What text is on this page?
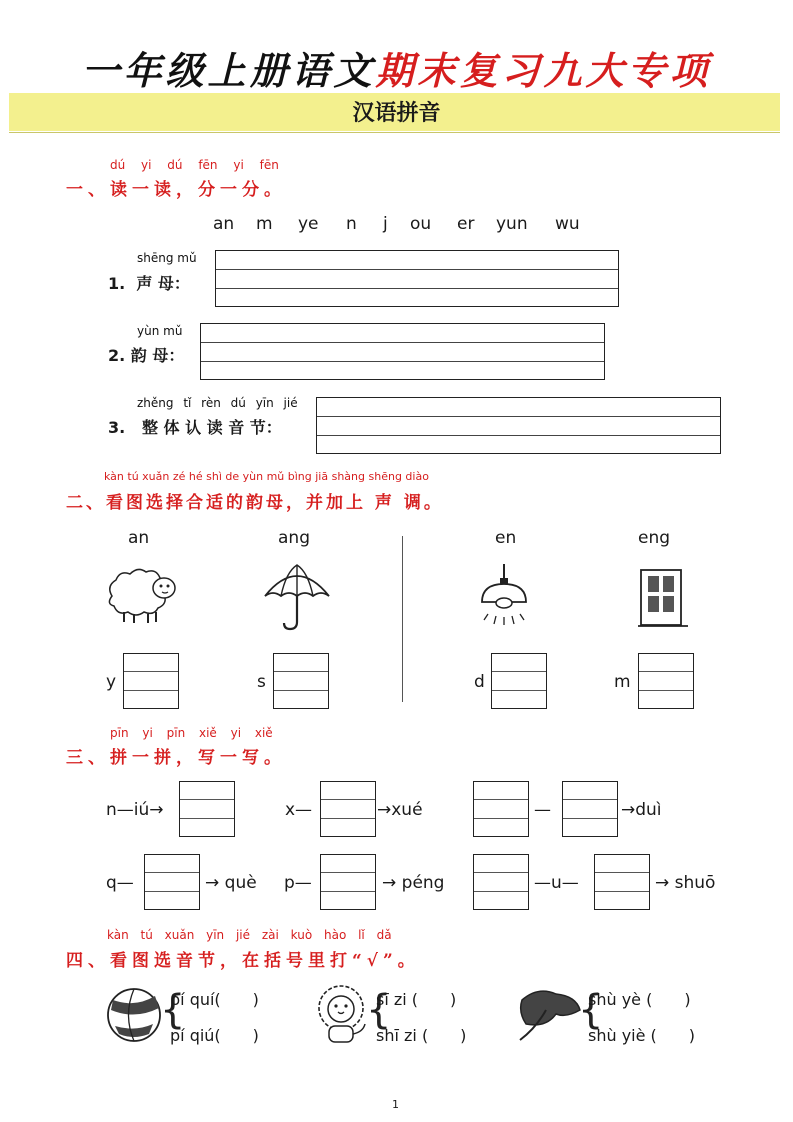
一年级上册语文期末复习九大专项
汉语拼音
dú yi dú fēn yi fēn
一、读一读，分一分。
an m ye n j ou er yun wu
shēng mǔ
1. 声 母：
yùn mǔ
2. 韵 母：
zhěng tǐ rèn dú yīn jié
3. 整 体 认 读 音 节：
kàn tú xuǎn zé hé shì de yùn mǔ bìng jiā shàng shēng diào
二、看图选择合适的韵母，并加上 声 调。
an	ang	en	eng
y	s	d	m
pīn yi pīn xiě yi xiě
三、拼一拼，写一写。
n—iú→	x—	→xué	—	→duì
q—	→ què p—	→ péng	—u—	→ shuō
kàn tú xuǎn yīn jié zài kuò hào lǐ dǎ
四、看图选音节，在括号里打“√”。
{
pí quí(　　)
pí qiú(　　)
{
sī zi (　　)
shī zi (　　)
{
shù yè (　　)
shù yiè (　　)
1
